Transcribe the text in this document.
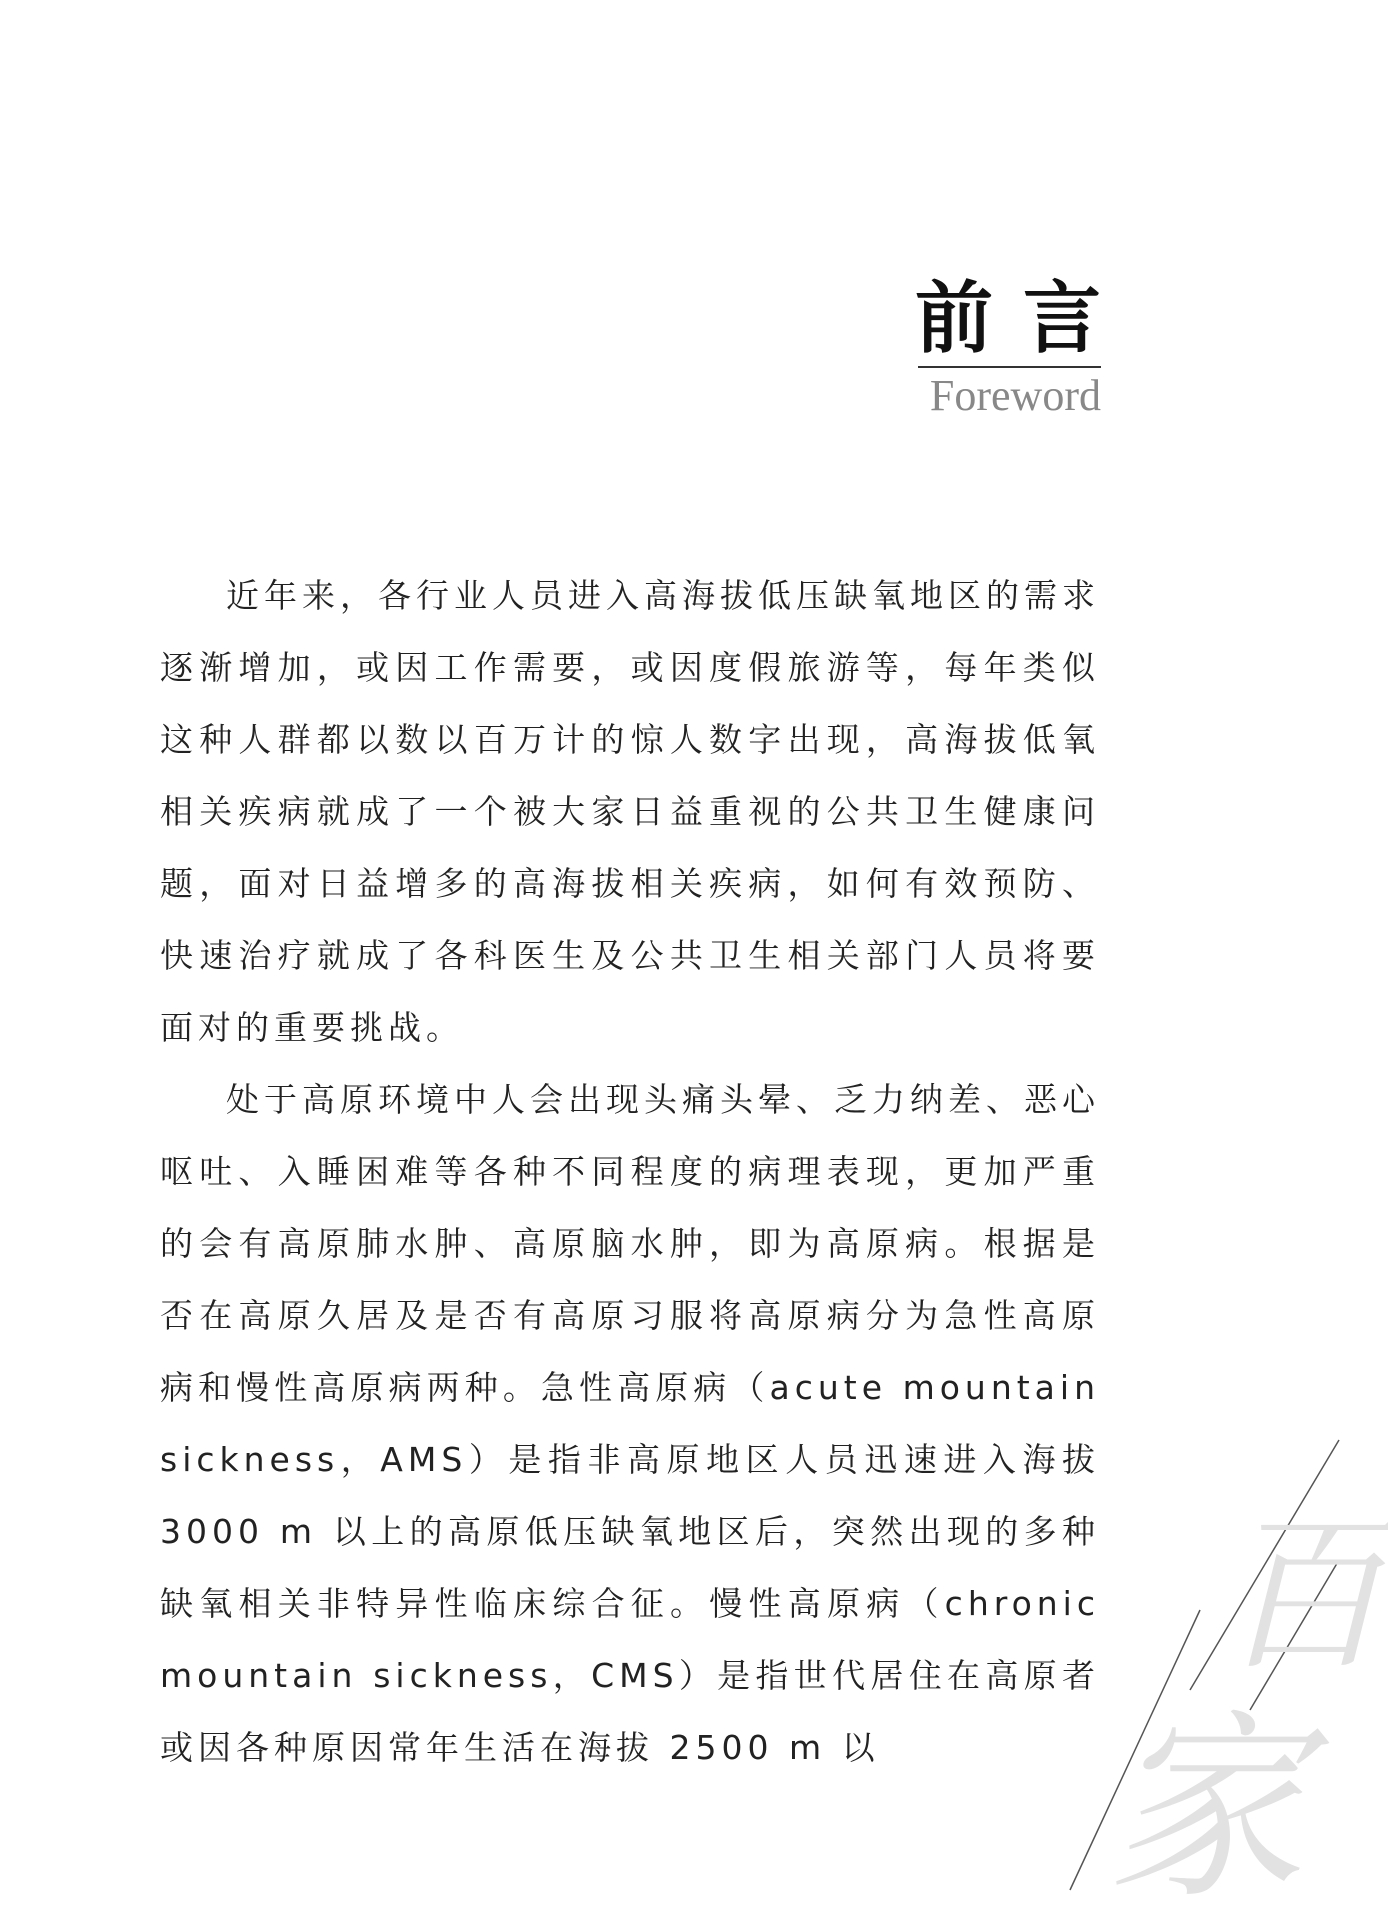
前言
Foreword

近年来，各行业人员进入高海拔低压缺氧地区的需求逐渐增加，或因工作需要，或因度假旅游等，每年类似这种人群都以数以百万计的惊人数字出现，高海拔低氧相关疾病就成了一个被大家日益重视的公共卫生健康问题，面对日益增多的高海拔相关疾病，如何有效预防、快速治疗就成了各科医生及公共卫生相关部门人员将要面对的重要挑战。

处于高原环境中人会出现头痛头晕、乏力纳差、恶心呕吐、入睡困难等各种不同程度的病理表现，更加严重的会有高原肺水肿、高原脑水肿，即为高原病。根据是否在高原久居及是否有高原习服将高原病分为急性高原病和慢性高原病两种。急性高原病（acute mountain sickness，AMS）是指非高原地区人员迅速进入海拔 3000 m 以上的高原低压缺氧地区后，突然出现的多种缺氧相关非特异性临床综合征。慢性高原病（chronic mountain sickness，CMS）是指世代居住在高原者或因各种原因常年生活在海拔 2500 m 以

百
家
